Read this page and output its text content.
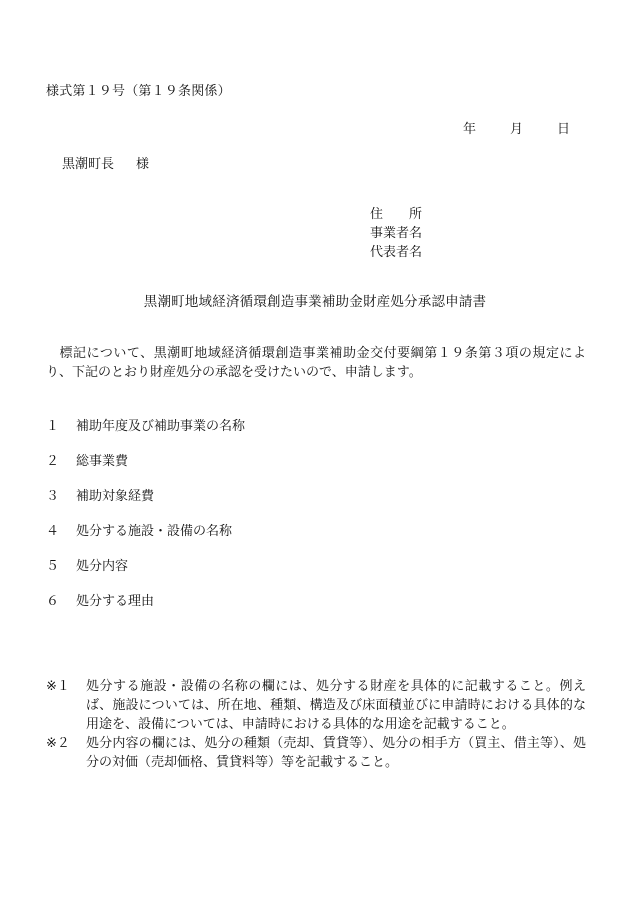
様式第１９号（第１９条関係）
年	月	日
黒潮町長 様
住　　所
事業者名
代表者名
黒潮町地域経済循環創造事業補助金財産処分承認申請書
標記について、黒潮町地域経済循環創造事業補助金交付要綱第１９条第３項の規定により、下記のとおり財産処分の承認を受けたいので、申請します。
１	補助年度及び補助事業の名称
２	総事業費
３	補助対象経費
４	処分する施設・設備の名称
５	処分内容
６	処分する理由
※１	処分する施設・設備の名称の欄には、処分する財産を具体的に記載すること。例えば、施設については、所在地、種類、構造及び床面積並びに申請時における具体的な用途を、設備については、申請時における具体的な用途を記載すること。
※２	処分内容の欄には、処分の種類（売却、賃貸等）、処分の相手方（買主、借主等）、処分の対価（売却価格、賃貸料等）等を記載すること。
